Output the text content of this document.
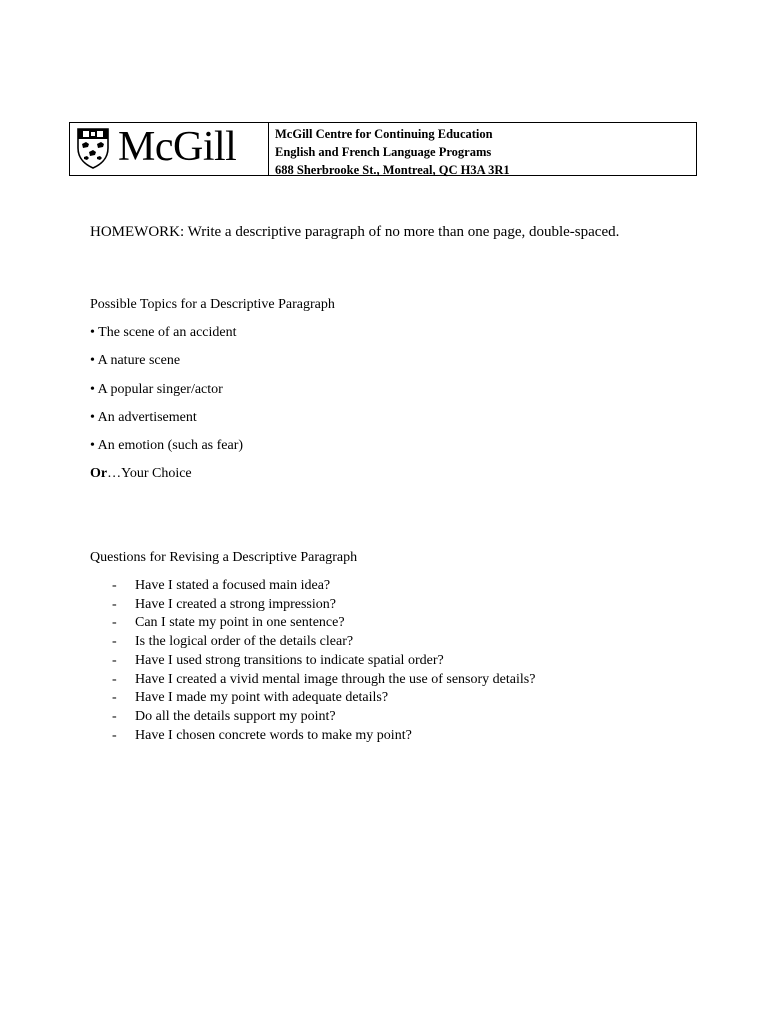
McGill	McGill Centre for Continuing Education
English and French Language Programs
688 Sherbrooke St., Montreal, QC H3A 3R1
HOMEWORK: Write a descriptive paragraph of no more than one page, double-spaced.
Possible Topics for a Descriptive Paragraph
• The scene of an accident
• A nature scene
• A popular singer/actor
• An advertisement
• An emotion (such as fear)
Or…Your Choice
Questions for Revising a Descriptive Paragraph
-	Have I stated a focused main idea?
-	Have I created a strong impression?
-	Can I state my point in one sentence?
-	Is the logical order of the details clear?
-	Have I used strong transitions to indicate spatial order?
-	Have I created a vivid mental image through the use of sensory details?
-	Have I made my point with adequate details?
-	Do all the details support my point?
-	Have I chosen concrete words to make my point?
